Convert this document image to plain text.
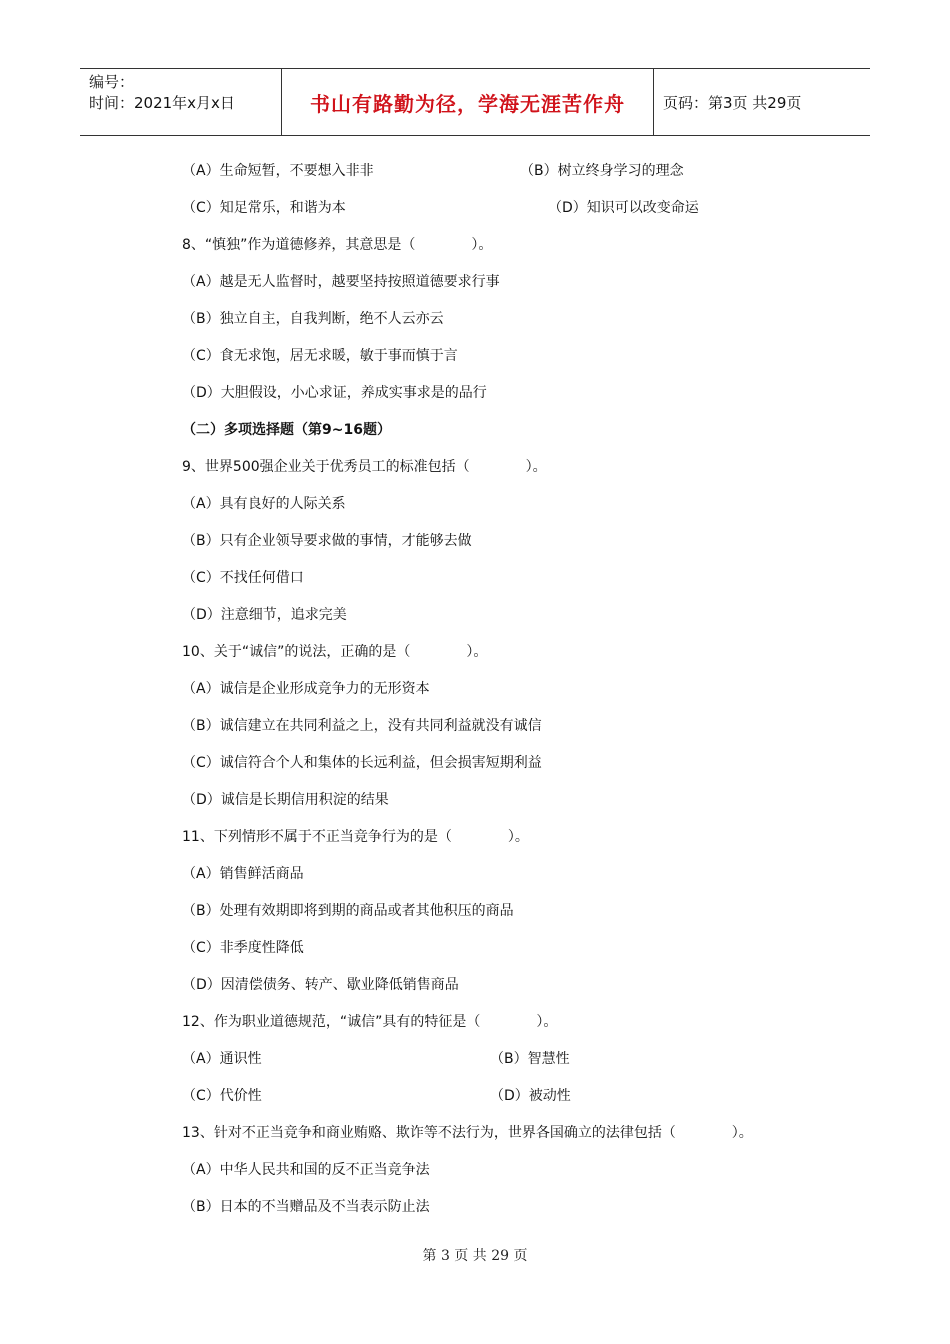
编号：
时间：2021年x月x日	书山有路勤为径，学海无涯苦作舟	页码：第3页 共29页
（A）生命短暂，不要想入非非	（B）树立终身学习的理念
（C）知足常乐，和谐为本	（D）知识可以改变命运
8、“慎独”作为道德修养，其意思是（　　　　）。
（A）越是无人监督时，越要坚持按照道德要求行事
（B）独立自主，自我判断，绝不人云亦云
（C）食无求饱，居无求暖，敏于事而慎于言
（D）大胆假设，小心求证，养成实事求是的品行
（二）多项选择题（第9~16题）
9、世界500强企业关于优秀员工的标准包括（　　　　）。
（A）具有良好的人际关系
（B）只有企业领导要求做的事情，才能够去做
（C）不找任何借口
（D）注意细节，追求完美
10、关于“诚信”的说法，正确的是（　　　　）。
（A）诚信是企业形成竞争力的无形资本
（B）诚信建立在共同利益之上，没有共同利益就没有诚信
（C）诚信符合个人和集体的长远利益，但会损害短期利益
（D）诚信是长期信用积淀的结果
11、下列情形不属于不正当竞争行为的是（　　　　）。
（A）销售鲜活商品
（B）处理有效期即将到期的商品或者其他积压的商品
（C）非季度性降低
（D）因清偿债务、转产、歇业降低销售商品
12、作为职业道德规范，“诚信”具有的特征是（　　　　）。
（A）通识性	（B）智慧性
（C）代价性	（D）被动性
13、针对不正当竞争和商业贿赂、欺诈等不法行为，世界各国确立的法律包括（　　　　）。
（A）中华人民共和国的反不正当竞争法
（B）日本的不当赠品及不当表示防止法
第 3 页 共 29 页
